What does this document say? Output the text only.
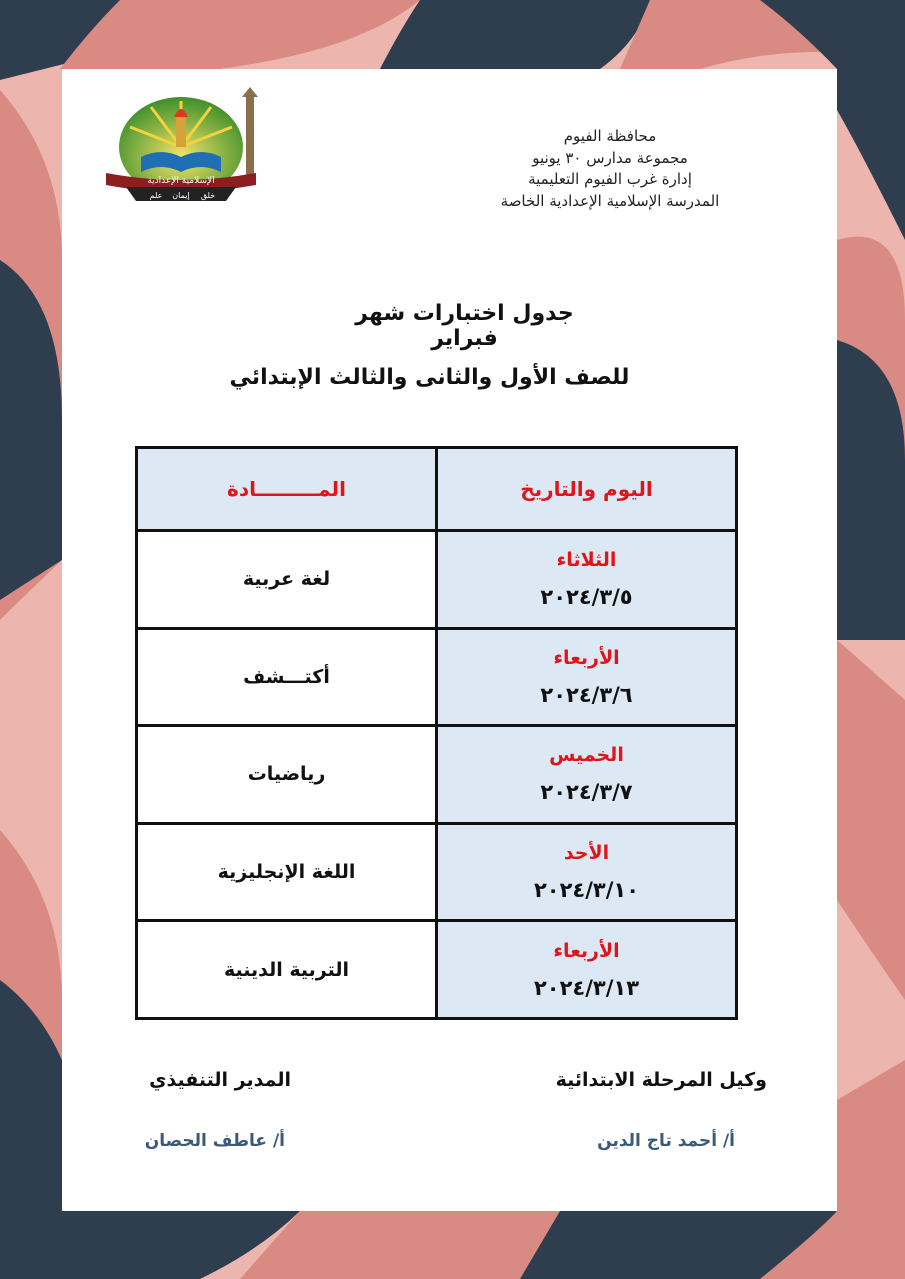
الإسلامية الإعدادية
علم إيمان خلق
محافظة الفيوم
مجموعة مدارس ٣٠ يونيو
إدارة غرب الفيوم التعليمية
المدرسة الإسلامية الإعدادية الخاصة
جدول اختبارات شهر فبراير
للصف الأول والثانى والثالث الإبتدائي
اليوم والتاريخ	المـــــــــادة

الثلاثاء
٢٠٢٤/٣/٥	لغة عربية

الأربعاء
٢٠٢٤/٣/٦	أكتـــشف

الخميس
٢٠٢٤/٣/٧	رياضيات

الأحد
٢٠٢٤/٣/١٠	اللغة الإنجليزية

الأربعاء
٢٠٢٤/٣/١٣	التربية الدينية
وكيل المرحلة الابتدائية
أ/ أحمد تاج الدين
المدير التنفيذي
أ/ عاطف الحصان
